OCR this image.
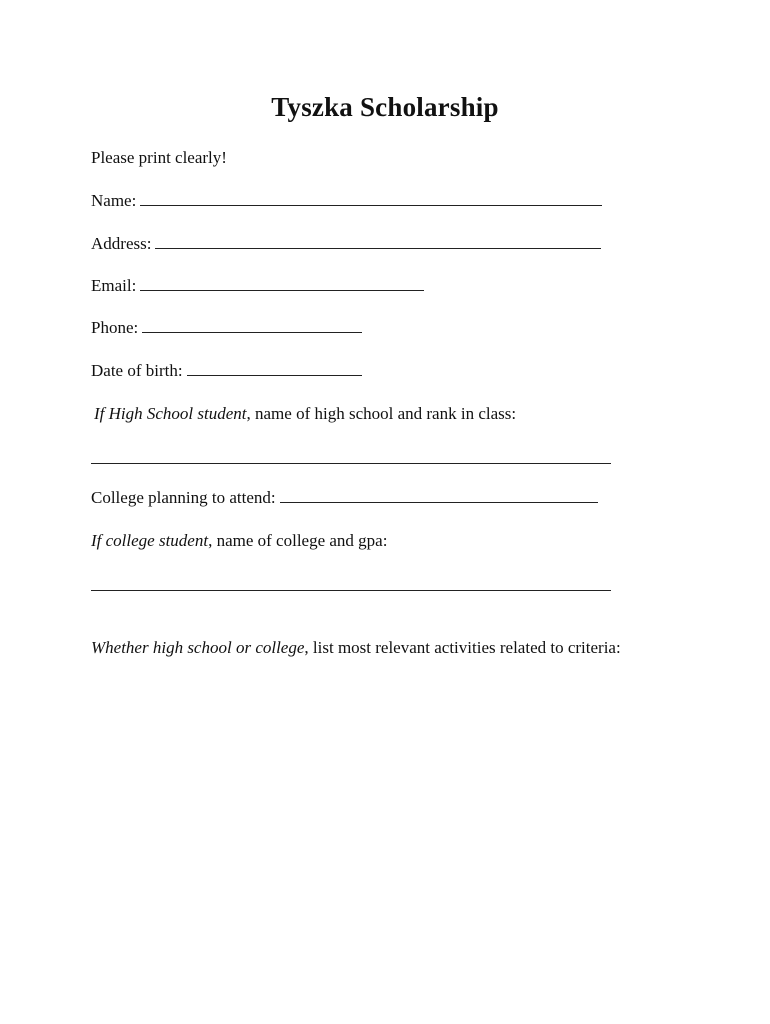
Tyszka Scholarship
Please print clearly!
Name:
Address:
Email:
Phone:
Date of birth:
If High School student, name of high school and rank in class:
College planning to attend:
If college student, name of college and gpa:
Whether high school or college, list most relevant activities related to criteria:
